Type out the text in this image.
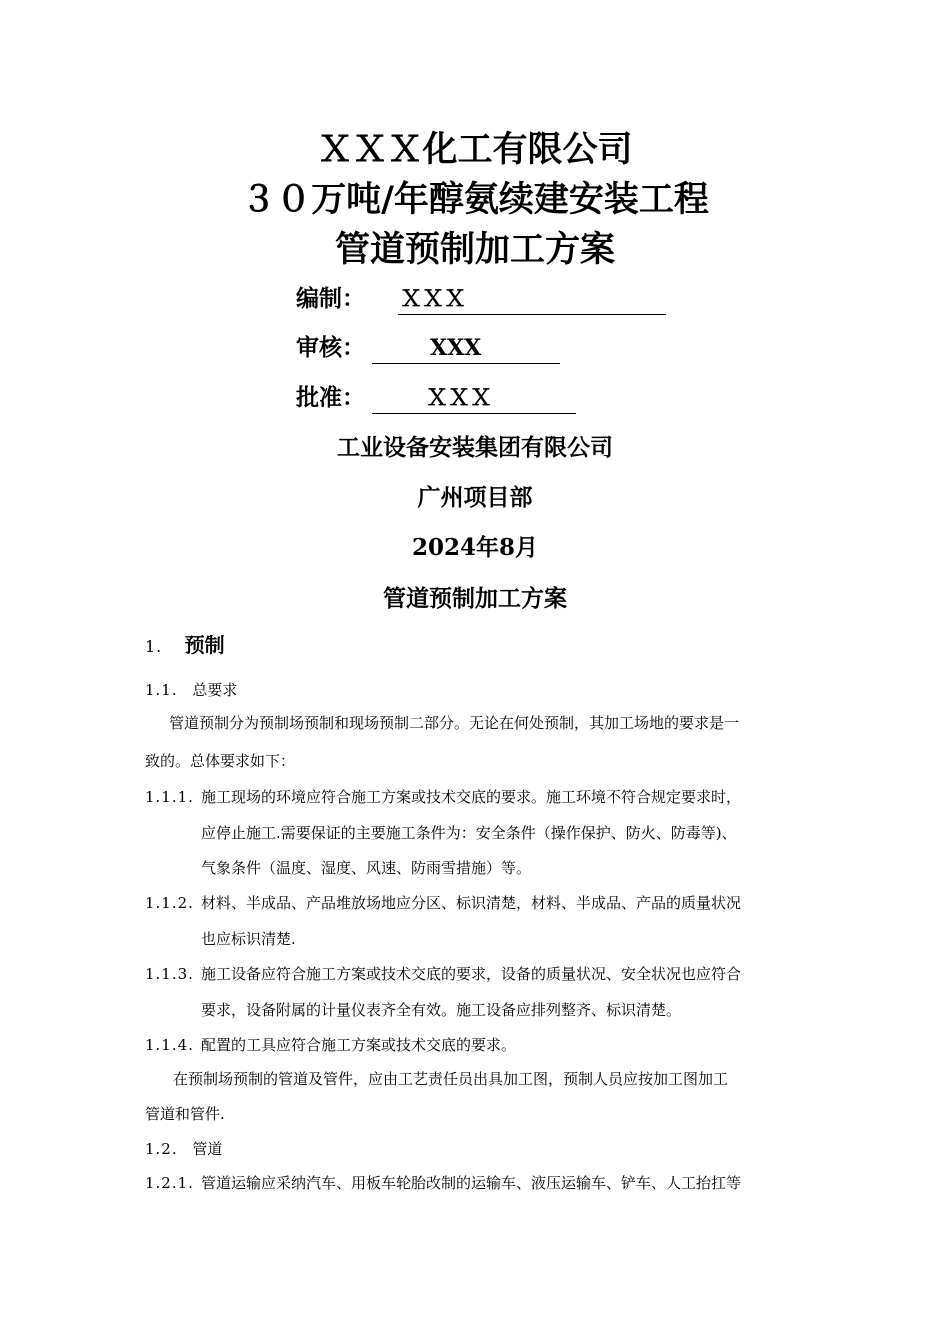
ＸＸＸ化工有限公司
３０万吨/年醇氨续建安装工程
管道预制加工方案
编制： ＸＸＸ
审核：	XXX
批准：	ＸＸＸ
工业设备安装集团有限公司
广州项目部
2024年8月
管道预制加工方案
1. 预制
1.1. 总要求
管道预制分为预制场预制和现场预制二部分。无论在何处预制，其加工场地的要求是一
致的。总体要求如下：
1.1.1. 施工现场的环境应符合施工方案或技术交底的要求。施工环境不符合规定要求时，
应停止施工.需要保证的主要施工条件为：安全条件（操作保护、防火、防毒等)、
气象条件（温度、湿度、风速、防雨雪措施）等。
1.1.2. 材料、半成品、产品堆放场地应分区、标识清楚，材料、半成品、产品的质量状况
也应标识清楚.
1.1.3. 施工设备应符合施工方案或技术交底的要求，设备的质量状况、安全状况也应符合
要求，设备附属的计量仪表齐全有效。施工设备应排列整齐、标识清楚。
1.1.4. 配置的工具应符合施工方案或技术交底的要求。
在预制场预制的管道及管件，应由工艺责任员出具加工图，预制人员应按加工图加工
管道和管件.
1.2. 管道
1.2.1. 管道运输应采纳汽车、用板车轮胎改制的运输车、液压运输车、铲车、人工抬扛等
